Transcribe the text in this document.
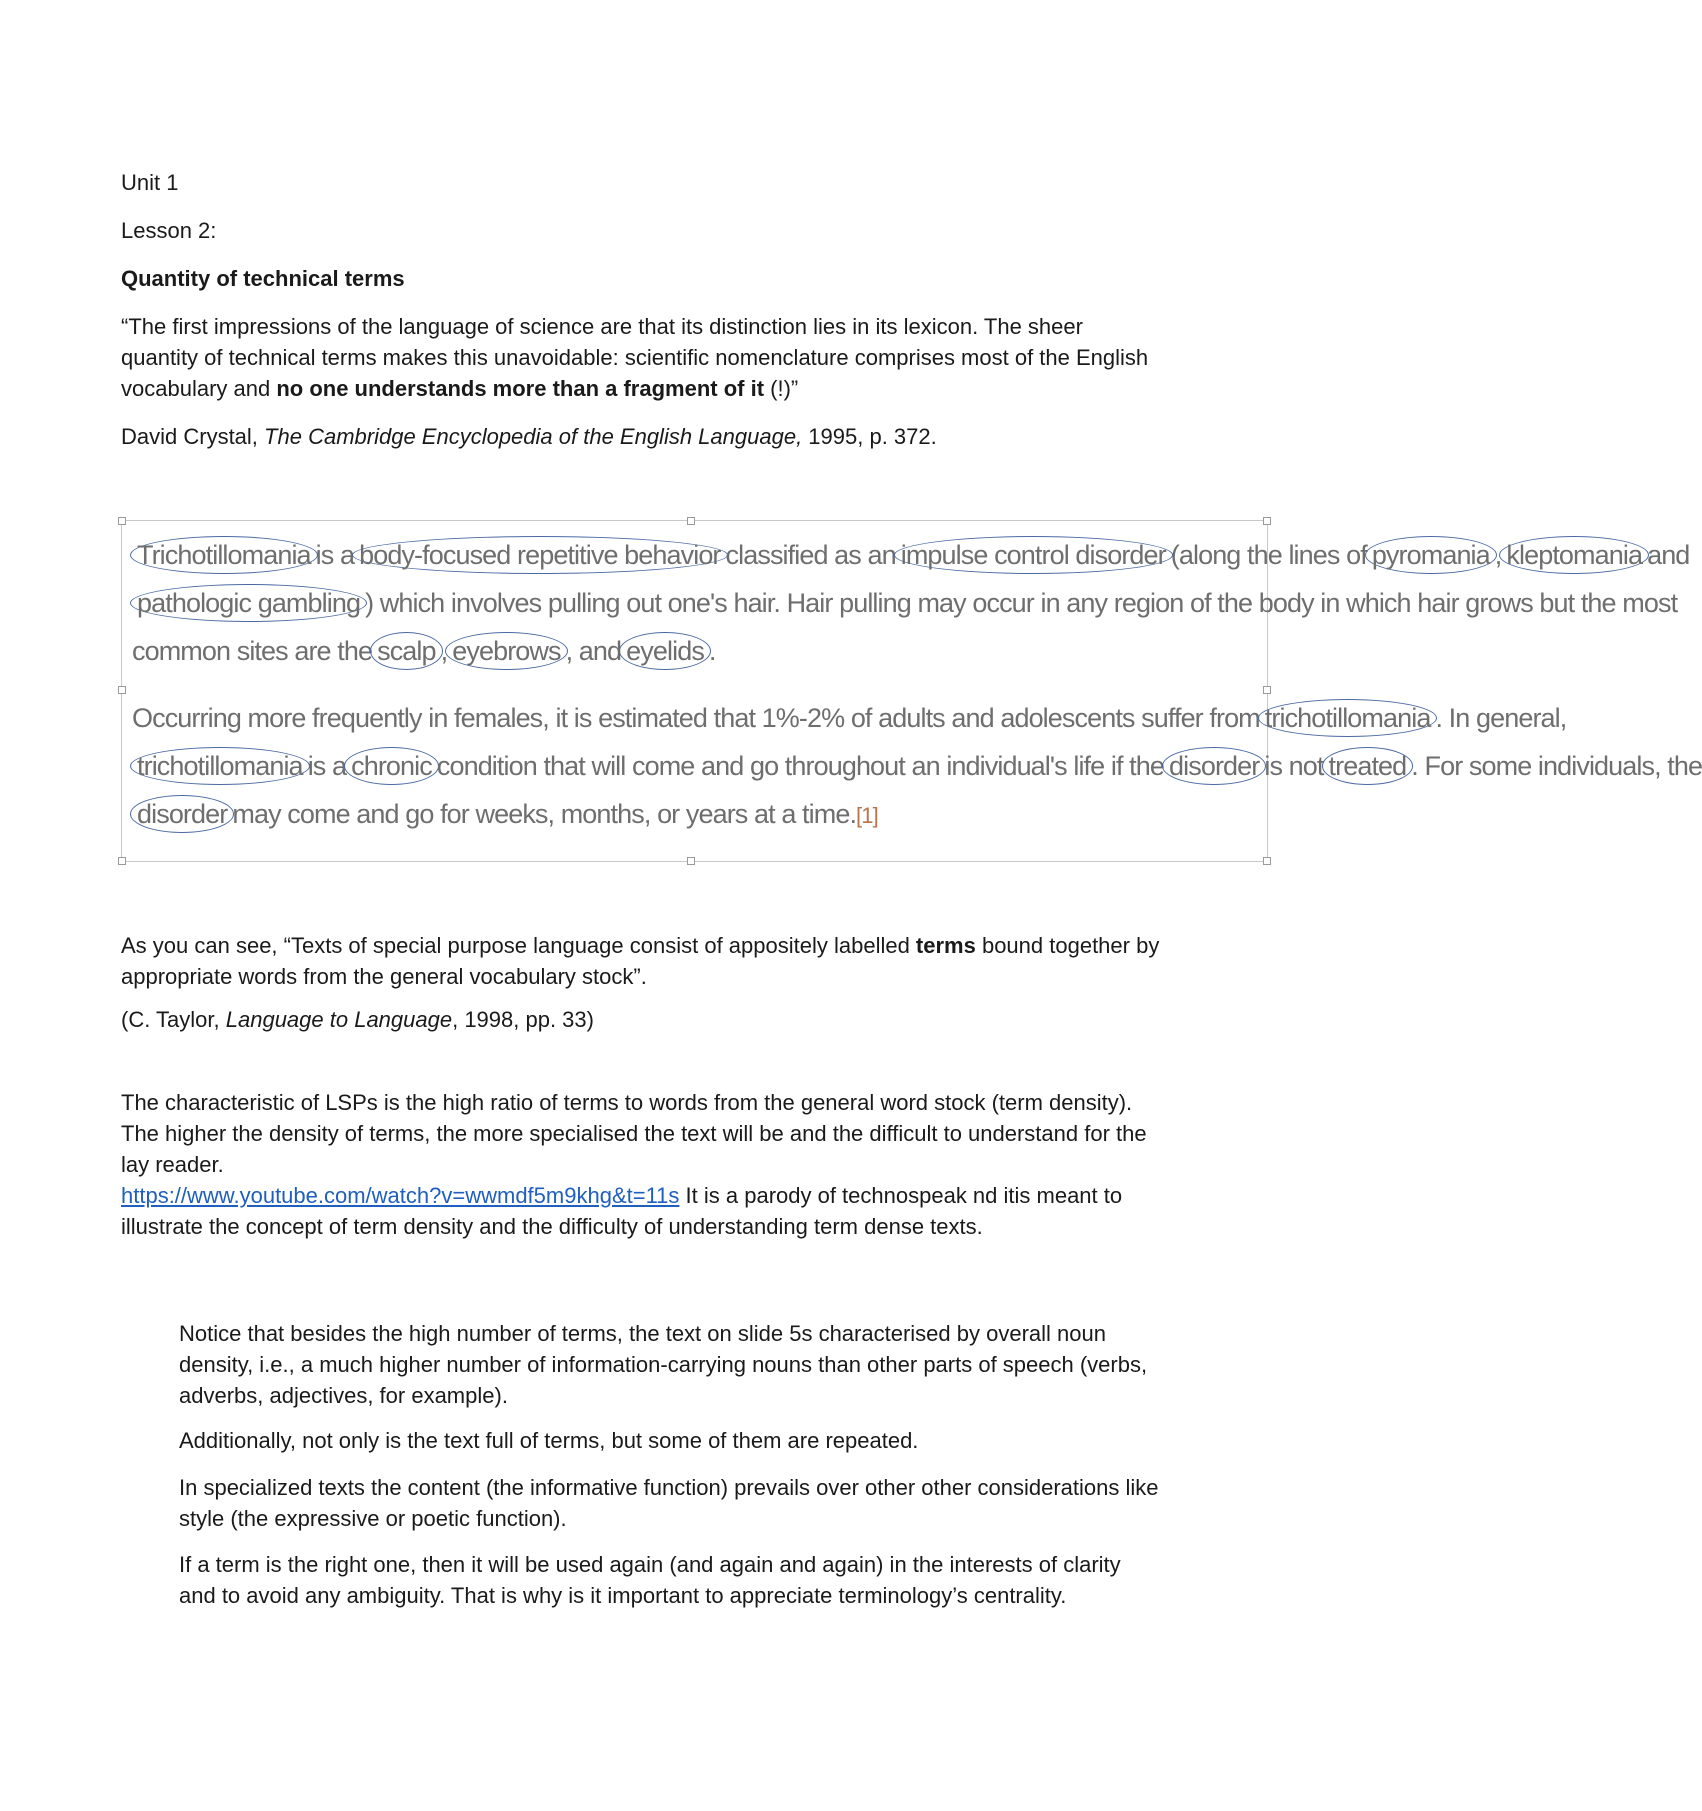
Unit 1

Lesson 2:

Quantity of technical terms

“The first impressions of the language of science are that its distinction lies in its lexicon. The sheer quantity of technical terms makes this unavoidable: scientific nomenclature comprises most of the English vocabulary and no one understands more than a fragment of it (!)”

David Crystal, The Cambridge Encyclopedia of the English Language, 1995, p. 372.

Trichotillomaniais abody-focused repetitive behaviorclassified as animpulse control disorder(along the lines ofpyromania ,kleptomaniaand
pathologic gambling ) which involves pulling out one's hair. Hair pulling may occur in any region of the body in which hair grows but the most
common sites are thescalp ,eyebrows , andeyelids .
Occurring more frequently in females, it is estimated that 1%-2% of adults and adolescents suffer fromtrichotillomania . In general,
trichotillomaniais achroniccondition that will come and go throughout an individual's life if thedisorderis nottreated . For some individuals, the
disordermay come and go for weeks, months, or years at a time.[1]

As you can see, “Texts of special purpose language consist of appositely labelled terms bound together by appropriate words from the general vocabulary stock”.

(C. Taylor, Language to Language, 1998, pp. 33)

The characteristic of LSPs is the high ratio of terms to words from the general word stock (term density).
The higher the density of terms, the more specialised the text will be and the difficult to understand for the lay reader.
https://www.youtube.com/watch?v=wwmdf5m9khg&t=11s It is a parody of technospeak nd itis meant to illustrate the concept of term density and the difficulty of understanding term dense texts.

Notice that besides the high number of terms, the text on slide 5s characterised by overall noun density, i.e., a much higher number of information-carrying nouns than other parts of speech (verbs, adverbs, adjectives, for example).

Additionally, not only is the text full of terms, but some of them are repeated.

In specialized texts the content (the informative function) prevails over other other considerations like style (the expressive or poetic function).

If a term is the right one, then it will be used again (and again and again) in the interests of clarity and to avoid any ambiguity. That is why is it important to appreciate terminology’s centrality.
